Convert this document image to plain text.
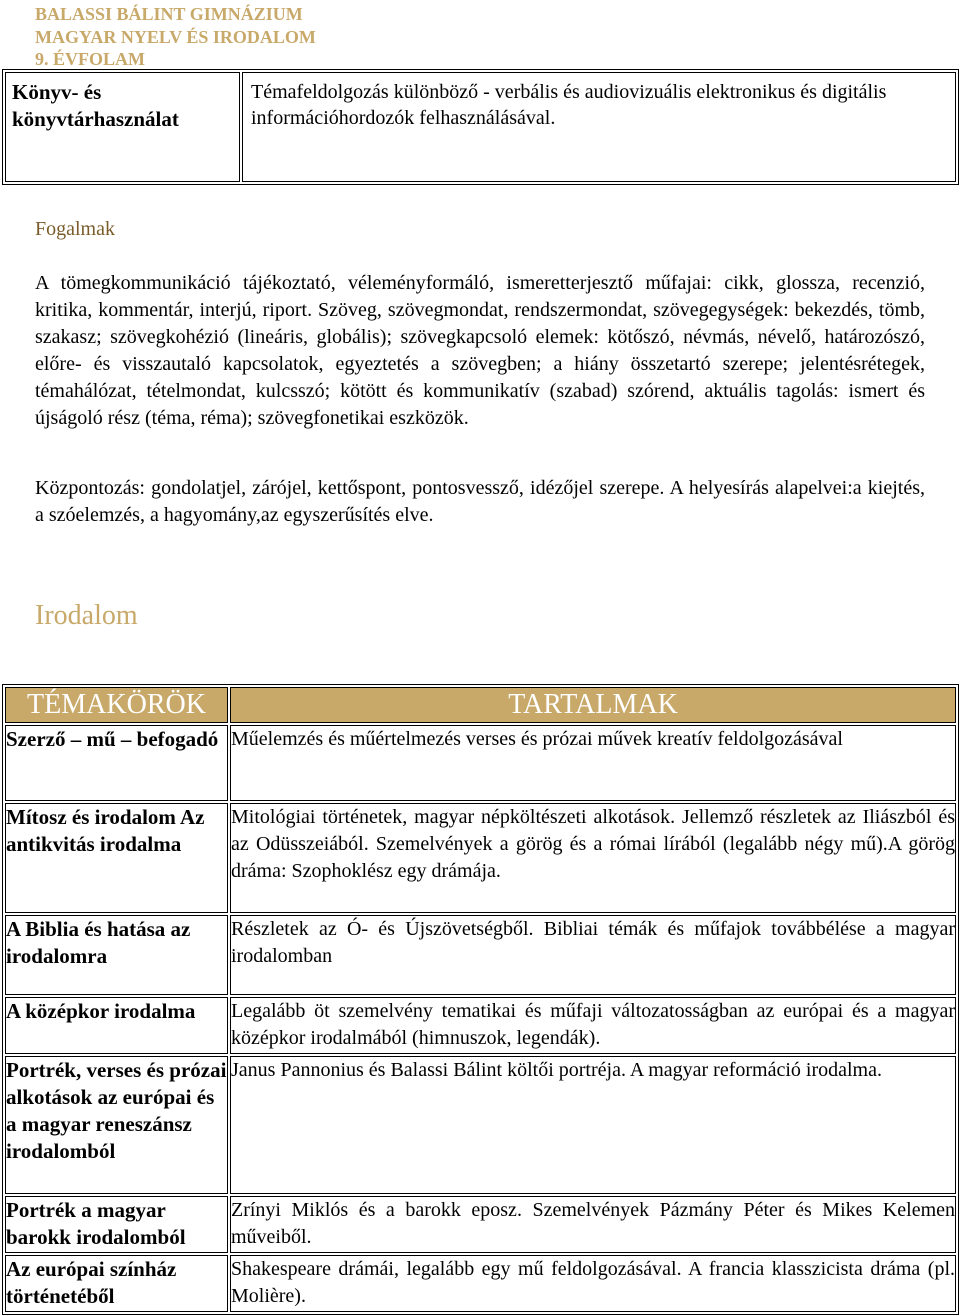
BALASSI BÁLINT GIMNÁZIUM
MAGYAR NYELV ÉS IRODALOM
9. ÉVFOLAM
Könyv- és könyvtárhasználat	Témafeldolgozás különböző - verbális és audiovizuális elektronikus és digitális információhordozók felhasználásával.
Fogalmak
A tömegkommunikáció tájékoztató, véleményformáló, ismeretterjesztő műfajai: cikk, glossza, recenzió, kritika, kommentár, interjú, riport. Szöveg, szövegmondat, rendszermondat, szövegegységek: bekezdés, tömb, szakasz; szövegkohézió (lineáris, globális); szövegkapcsoló elemek: kötőszó, névmás, névelő, határozószó, előre- és visszautaló kapcsolatok, egyeztetés a szövegben; a hiány összetartó szerepe; jelentésrétegek, témahálózat, tételmondat, kulcsszó; kötött és kommunikatív (szabad) szórend, aktuális tagolás: ismert és újságoló rész (téma, réma); szövegfonetikai eszközök.
Központozás: gondolatjel, zárójel, kettőspont, pontosvessző, idézőjel szerepe. A helyesírás alapelvei:a kiejtés, a szóelemzés, a hagyomány,az egyszerűsítés elve.
Irodalom
TÉMAKÖRÖK	TARTALMAK
Szerző – mű – befogadó	Műelemzés és műértelmezés verses és prózai művek kreatív feldolgozásával
Mítosz és irodalom Az antikvitás irodalma	Mitológiai történetek, magyar népköltészeti alkotások. Jellemző részletek az Iliászból és az Odüsszeiából. Szemelvények a görög és a római lírából (legalább négy mű).A görög dráma: Szophoklész egy drámája.
A Biblia és hatása az irodalomra	Részletek az Ó- és Újszövetségből. Bibliai témák és műfajok továbbélése a magyar irodalomban
A középkor irodalma	Legalább öt szemelvény tematikai és műfaji változatosságban az európai és a magyar középkor irodalmából (himnuszok, legendák).
Portrék, verses és prózai alkotások az európai és a magyar reneszánsz irodalomból	Janus Pannonius és Balassi Bálint költői portréja. A magyar reformáció irodalma.
Portrék a magyar barokk irodalomból	Zrínyi Miklós és a barokk eposz. Szemelvények Pázmány Péter és Mikes Kelemen műveiből.
Az európai színház történetéből	Shakespeare drámái, legalább egy mű feldolgozásával. A francia klasszicista dráma (pl. Molière).
